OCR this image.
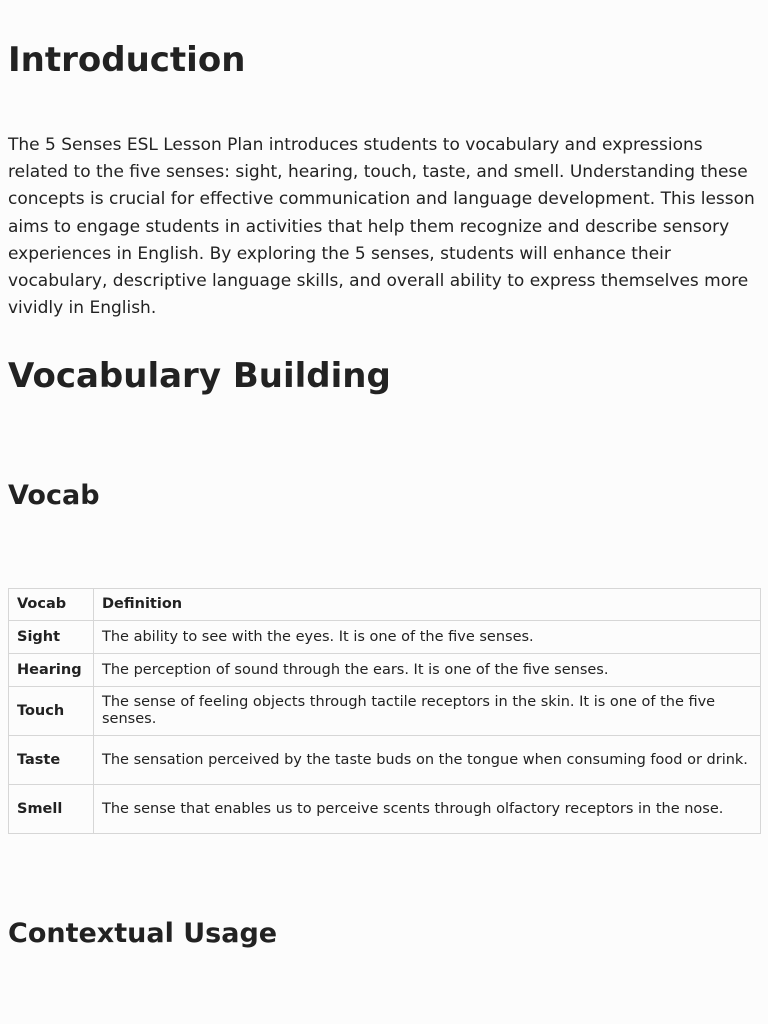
Introduction

The 5 Senses ESL Lesson Plan introduces students to vocabulary and expressions related to the five senses: sight, hearing, touch, taste, and smell. Understanding these concepts is crucial for effective communication and language development. This lesson aims to engage students in activities that help them recognize and describe sensory experiences in English. By exploring the 5 senses, students will enhance their vocabulary, descriptive language skills, and overall ability to express themselves more vividly in English.

Vocabulary Building
Vocab
Vocab	Definition
Sight	The ability to see with the eyes. It is one of the five senses.
Hearing	The perception of sound through the ears. It is one of the five senses.
Touch	The sense of feeling objects through tactile receptors in the skin. It is one of the five senses.
Taste	The sensation perceived by the taste buds on the tongue when consuming food or drink.
Smell	The sense that enables us to perceive scents through olfactory receptors in the nose.
Contextual Usage
